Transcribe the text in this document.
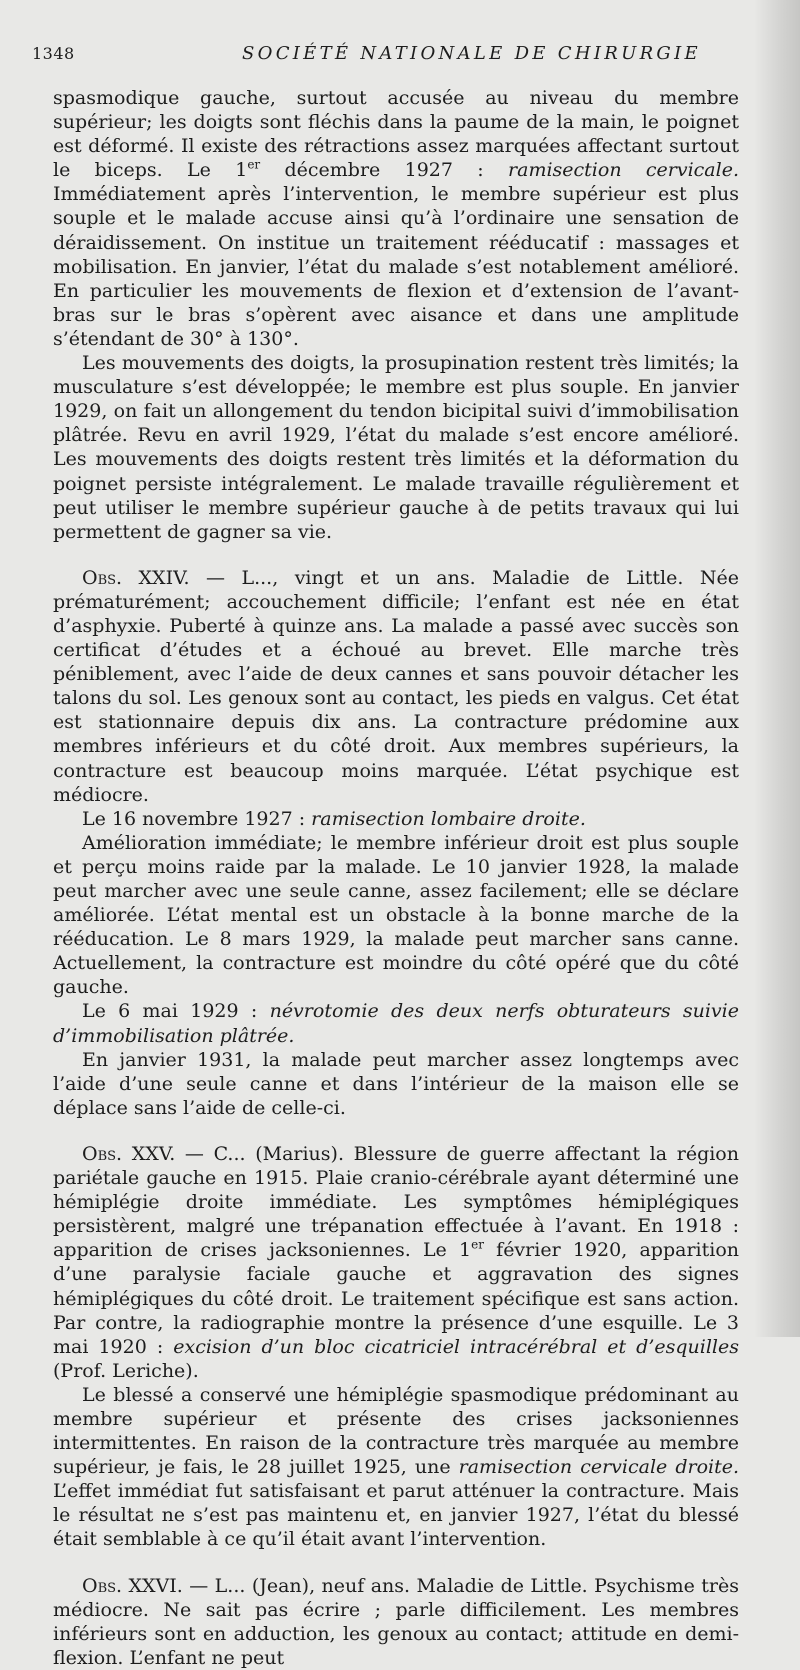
1348	SOCIÉTÉ NATIONALE DE CHIRURGIE

spasmodique gauche, surtout accusée au niveau du membre supérieur; les doigts sont fléchis dans la paume de la main, le poignet est déformé. Il existe des rétractions assez marquées affectant surtout le biceps. Le 1er décembre 1927 : ramisection cervicale. Immédiatement après l’intervention, le membre supérieur est plus souple et le malade accuse ainsi qu’à l’ordinaire une sensation de déraidissement. On institue un traitement rééducatif : massages et mobilisation. En janvier, l’état du malade s’est notablement amélioré. En particulier les mouvements de flexion et d’extension de l’avant-bras sur le bras s’opèrent avec aisance et dans une amplitude s’étendant de 30° à 130°.

Les mouvements des doigts, la prosupination restent très limités; la musculature s’est développée; le membre est plus souple. En janvier 1929, on fait un allongement du tendon bicipital suivi d’immobilisation plâtrée. Revu en avril 1929, l’état du malade s’est encore amélioré. Les mouvements des doigts restent très limités et la déformation du poignet persiste intégralement. Le malade travaille régulièrement et peut utiliser le membre supérieur gauche à de petits travaux qui lui permettent de gagner sa vie.

Obs. XXIV. — L..., vingt et un ans. Maladie de Little. Née prématurément; accouchement difficile; l’enfant est née en état d’asphyxie. Puberté à quinze ans. La malade a passé avec succès son certificat d’études et a échoué au brevet. Elle marche très péniblement, avec l’aide de deux cannes et sans pouvoir détacher les talons du sol. Les genoux sont au contact, les pieds en valgus. Cet état est stationnaire depuis dix ans. La contracture prédomine aux membres inférieurs et du côté droit. Aux membres supérieurs, la contracture est beaucoup moins marquée. L’état psychique est médiocre.

Le 16 novembre 1927 : ramisection lombaire droite.

Amélioration immédiate; le membre inférieur droit est plus souple et perçu moins raide par la malade. Le 10 janvier 1928, la malade peut marcher avec une seule canne, assez facilement; elle se déclare améliorée. L’état mental est un obstacle à la bonne marche de la rééducation. Le 8 mars 1929, la malade peut marcher sans canne. Actuellement, la contracture est moindre du côté opéré que du côté gauche.

Le 6 mai 1929 : névrotomie des deux nerfs obturateurs suivie d’immobilisation plâtrée.

En janvier 1931, la malade peut marcher assez longtemps avec l’aide d’une seule canne et dans l’intérieur de la maison elle se déplace sans l’aide de celle-ci.

Obs. XXV. — C... (Marius). Blessure de guerre affectant la région pariétale gauche en 1915. Plaie cranio-cérébrale ayant déterminé une hémiplégie droite immédiate. Les symptômes hémiplégiques persistèrent, malgré une trépanation effectuée à l’avant. En 1918 : apparition de crises jacksoniennes. Le 1er février 1920, apparition d’une paralysie faciale gauche et aggravation des signes hémiplégiques du côté droit. Le traitement spécifique est sans action. Par contre, la radiographie montre la présence d’une esquille. Le 3 mai 1920 : excision d’un bloc cicatriciel intracérébral et d’esquilles (Prof. Leriche).

Le blessé a conservé une hémiplégie spasmodique prédominant au membre supérieur et présente des crises jacksoniennes intermittentes. En raison de la contracture très marquée au membre supérieur, je fais, le 28 juillet 1925, une ramisection cervicale droite. L’effet immédiat fut satisfaisant et parut atténuer la contracture. Mais le résultat ne s’est pas maintenu et, en janvier 1927, l’état du blessé était semblable à ce qu’il était avant l’intervention.

Obs. XXVI. — L... (Jean), neuf ans. Maladie de Little. Psychisme très médiocre. Ne sait pas écrire ; parle difficilement. Les membres inférieurs sont en adduction, les genoux au contact; attitude en demi-flexion. L’enfant ne peut
